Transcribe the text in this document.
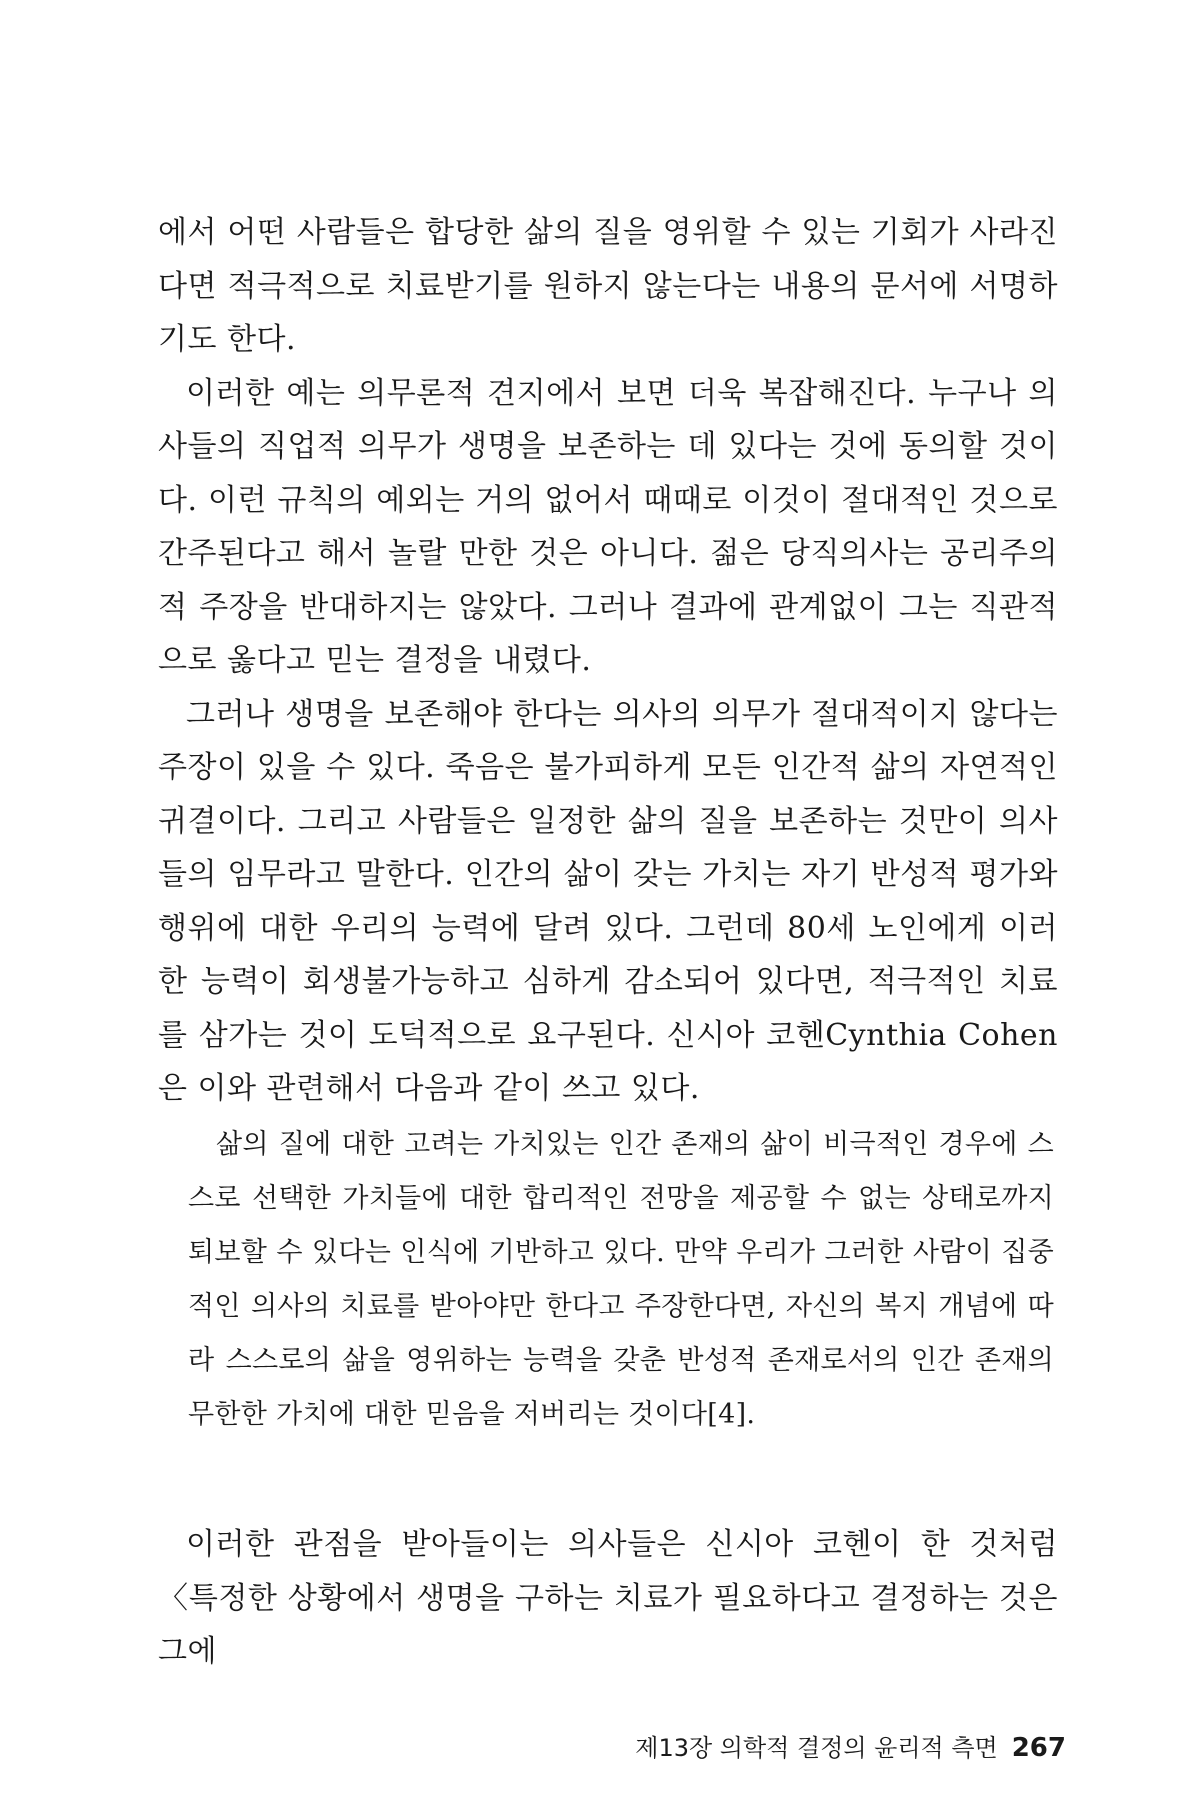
에서 어떤 사람들은 합당한 삶의 질을 영위할 수 있는 기회가 사라진다면 적극적으로 치료받기를 원하지 않는다는 내용의 문서에 서명하기도 한다.

이러한 예는 의무론적 견지에서 보면 더욱 복잡해진다. 누구나 의사들의 직업적 의무가 생명을 보존하는 데 있다는 것에 동의할 것이다. 이런 규칙의 예외는 거의 없어서 때때로 이것이 절대적인 것으로 간주된다고 해서 놀랄 만한 것은 아니다. 젊은 당직의사는 공리주의적 주장을 반대하지는 않았다. 그러나 결과에 관계없이 그는 직관적으로 옳다고 믿는 결정을 내렸다.

그러나 생명을 보존해야 한다는 의사의 의무가 절대적이지 않다는 주장이 있을 수 있다. 죽음은 불가피하게 모든 인간적 삶의 자연적인 귀결이다. 그리고 사람들은 일정한 삶의 질을 보존하는 것만이 의사들의 임무라고 말한다. 인간의 삶이 갖는 가치는 자기 반성적 평가와 행위에 대한 우리의 능력에 달려 있다. 그런데 80세 노인에게 이러한 능력이 회생불가능하고 심하게 감소되어 있다면, 적극적인 치료를 삼가는 것이 도덕적으로 요구된다. 신시아 코헨Cynthia Cohen은 이와 관련해서 다음과 같이 쓰고 있다.

삶의 질에 대한 고려는 가치있는 인간 존재의 삶이 비극적인 경우에 스스로 선택한 가치들에 대한 합리적인 전망을 제공할 수 없는 상태로까지 퇴보할 수 있다는 인식에 기반하고 있다. 만약 우리가 그러한 사람이 집중적인 의사의 치료를 받아야만 한다고 주장한다면, 자신의 복지 개념에 따라 스스로의 삶을 영위하는 능력을 갖춘 반성적 존재로서의 인간 존재의 무한한 가치에 대한 믿음을 저버리는 것이다[4].

이러한 관점을 받아들이는 의사들은 신시아 코헨이 한 것처럼 〈특정한 상황에서 생명을 구하는 치료가 필요하다고 결정하는 것은 그에

제13장 의학적 결정의 윤리적 측면 267
